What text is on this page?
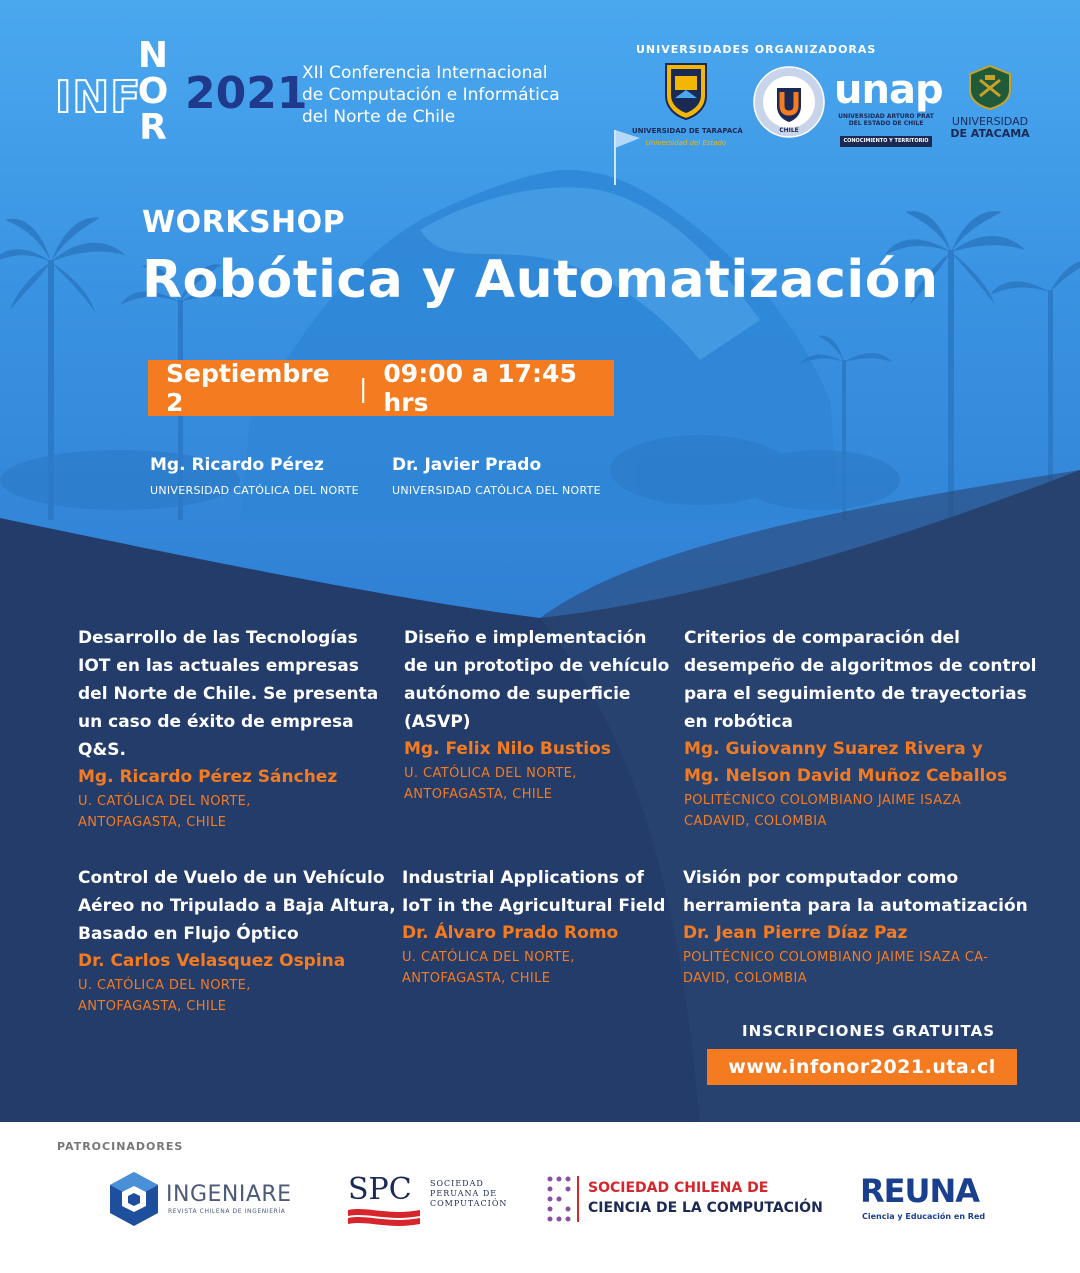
INF
N
O
R
2021
XII Conferencia Internacional
de Computación e Informática
del Norte de Chile
UNIVERSIDADES ORGANIZADORAS
UNIVERSIDAD DE TARAPACÁ
Universidad del Estado
CHILE
unap
UNIVERSIDAD ARTURO PRAT
DEL ESTADO DE CHILE
CONOCIMIENTO Y TERRITORIO
UNIVERSIDAD
DE ATACAMA
WORKSHOP
Robótica y Automatización
Septiembre 2	| 09:00 a 17:45 hrs
Mg. Ricardo Pérez
UNIVERSIDAD CATÓLICA DEL NORTE
Dr. Javier Prado
UNIVERSIDAD CATÓLICA DEL NORTE
Desarrollo de las Tecnologías
IOT en las actuales empresas
del Norte de Chile. Se presenta
un caso de éxito de empresa
Q&S.
Mg. Ricardo Pérez Sánchez
U. CATÓLICA DEL NORTE,
ANTOFAGASTA, CHILE
Diseño e implementación
de un prototipo de vehículo
autónomo de superficie
(ASVP)
Mg. Felix Nilo Bustios
U. CATÓLICA DEL NORTE,
ANTOFAGASTA, CHILE
Criterios de comparación del
desempeño de algoritmos de control
para el seguimiento de trayectorias
en robótica
Mg. Guiovanny Suarez Rivera y
Mg. Nelson David Muñoz Ceballos
POLITÉCNICO COLOMBIANO JAIME ISAZA
CADAVID, COLOMBIA
Control de Vuelo de un Vehículo
Aéreo no Tripulado a Baja Altura,
Basado en Flujo Óptico
Dr. Carlos Velasquez Ospina
U. CATÓLICA DEL NORTE,
ANTOFAGASTA, CHILE
Industrial Applications of
IoT in the Agricultural Field
Dr. Álvaro Prado Romo
U. CATÓLICA DEL NORTE,
ANTOFAGASTA, CHILE
Visión por computador como
herramienta para la automatización
Dr. Jean Pierre Díaz Paz
POLITÉCNICO COLOMBIANO JAIME ISAZA CA-
DAVID, COLOMBIA
INSCRIPCIONES GRATUITAS
www.infonor2021.uta.cl
PATROCINADORES
INGENIARE
REVISTA CHILENA DE INGENIERÍA
SPC SOCIEDAD
PERUANA DE
COMPUTACIÓN
SOCIEDAD CHILENA DE
CIENCIA DE LA COMPUTACIÓN REUNA
Ciencia y Educación en Red
